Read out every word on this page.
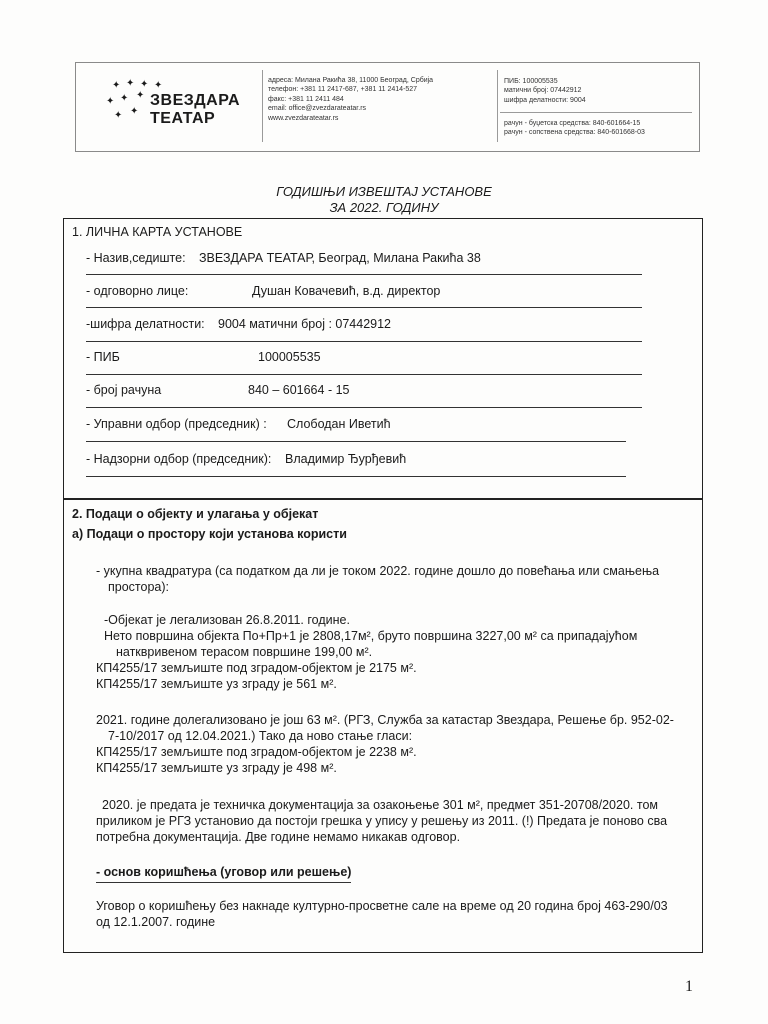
✦ ✦ ✦ ✦
✦ ✦ ✦
✦ ✦
ЗВЕЗДАРА
ТЕАТАР
адреса: Милана Ракића 38, 11000 Београд, Србија
телефон: +381 11 2417-687, +381 11 2414-527
факс: +381 11 2411 484
email: office@zvezdarateatar.rs
www.zvezdarateatar.rs
ПИБ: 100005535
матични број: 07442912
шифра делатности: 9004
рачун - буџетска средства: 840-601664-15
рачун - сопствена средства: 840-601668-03
ГОДИШЊИ ИЗВЕШТАЈ УСТАНОВЕ
ЗА 2022. ГОДИНУ
1. ЛИЧНА КАРТА УСТАНОВЕ
- Назив,седиште: ЗВЕЗДАРА ТЕАТАР, Београд, Милана Ракића 38
- одговорно лице:	Душан Ковачевић, в.д. директор
-шифра делатности: 9004 матични број : 07442912
- ПИБ	100005535
- број рачуна	840 – 601664 - 15
- Управни одбор (председник) : Слободан Иветић
- Надзорни одбор (председник): Владимир Ђурђевић
2. Подаци о објекту и улагања у објекат
а) Подаци о простору који установа користи
- укупна квадратура (са податком да ли је током 2022. године дошло до повећања или смањења
простора):
-Објекат је легализован 26.8.2011. године.
Нето површина објекта По+Пр+1 је 2808,17м², бруто површина 3227,00 м² са припадајућом
натквривеном терасом површине 199,00 м².
КП4255/17 земљиште под зградом-објектом је 2175 м².
КП4255/17 земљиште уз зграду је 561 м².
2021. године долегализовано је још 63 м². (РГЗ, Служба за катастар Звездара, Решење бр. 952-02-
7-10/2017 од 12.04.2021.) Тако да ново стање гласи:
КП4255/17 земљиште под зградом-објектом је 2238 м².
КП4255/17 земљиште уз зграду је 498 м².
2020. је предата је техничка документација за озакоњење 301 м², предмет 351-20708/2020. том
приликом је РГЗ установио да постоји грешка у упису у решењу из 2011. (!) Предата је поново сва
потребна документација. Две године немамо никакав одговор.
- основ коришћења (уговор или решење)
Уговор о коришћењу без накнаде културно-просветне сале на време од 20 година број 463-290/03
од 12.1.2007. године
1
